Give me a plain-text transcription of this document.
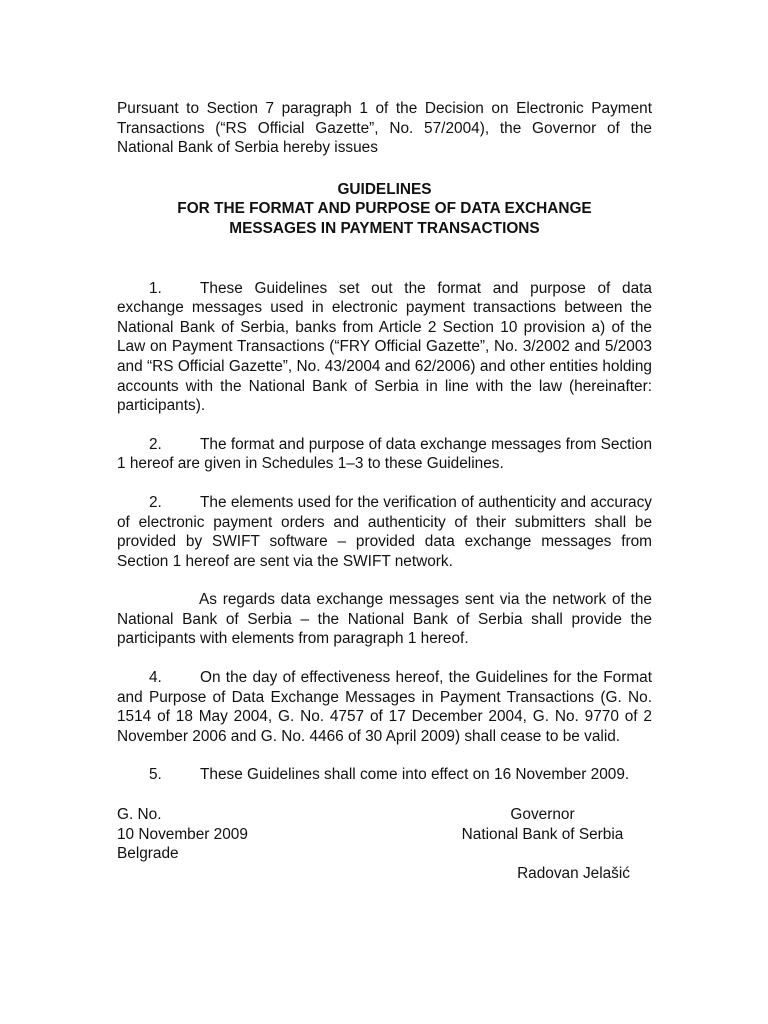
Pursuant to Section 7 paragraph 1 of the Decision on Electronic Payment Transactions (“RS Official Gazette”, No. 57/2004), the Governor of the National Bank of Serbia hereby issues

GUIDELINES

FOR THE FORMAT AND PURPOSE OF DATA EXCHANGE

MESSAGES IN PAYMENT TRANSACTIONS

1. These Guidelines set out the format and purpose of data exchange messages used in electronic payment transactions between the National Bank of Serbia, banks from Article 2 Section 10 provision a) of the Law on Payment Transactions (“FRY Official Gazette”, No. 3/2002 and 5/2003 and “RS Official Gazette”, No. 43/2004 and 62/2006) and other entities holding accounts with the National Bank of Serbia in line with the law (hereinafter: participants).

2. The format and purpose of data exchange messages from Section 1 hereof are given in Schedules 1–3 to these Guidelines.

2. The elements used for the verification of authenticity and accuracy of electronic payment orders and authenticity of their submitters shall be provided by SWIFT software – provided data exchange messages from Section 1 hereof are sent via the SWIFT network.

As regards data exchange messages sent via the network of the National Bank of Serbia – the National Bank of Serbia shall provide the participants with elements from paragraph 1 hereof.

4. On the day of effectiveness hereof, the Guidelines for the Format and Purpose of Data Exchange Messages in Payment Transactions (G. No. 1514 of 18 May 2004, G. No. 4757 of 17 December 2004, G. No. 9770 of 2 November 2006 and G. No. 4466 of 30 April 2009) shall cease to be valid.

5. These Guidelines shall come into effect on 16 November 2009.

G. No.
10 November 2009
Belgrade
Governor
National Bank of Serbia
Radovan Jelašić
